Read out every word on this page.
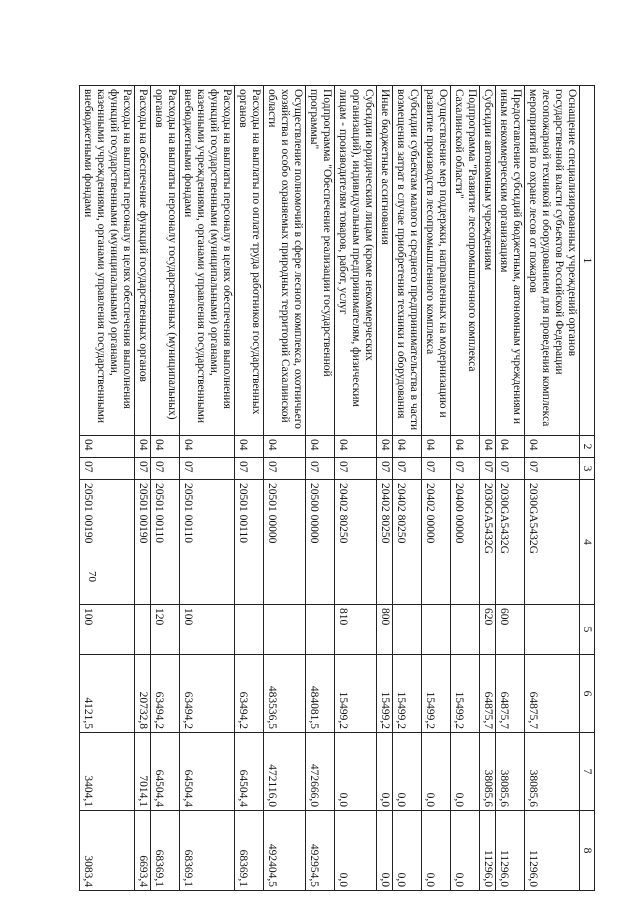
70
1	2	3	4	5	6	7	8
Оснащение специализированных учреждений органов государственной власти субъектов Российской Федерации лесопожарной техникой и оборудованием для проведения комплекса мероприятий по охране лесов от пожаров	04	07	2030GA5432G		64875,7	38085,6	11296,0
Предоставление субсидий бюджетным, автономным учреждениям и иным некоммерческим организациям	04	07	2030GA5432G	600	64875,7	38085,6	11296,0
Субсидии автономным учреждениям	04	07	2030GA5432G	620	64875,7	38085,6	11296,0
Подпрограмма "Развитие лесопромышленного комплекса Сахалинской области"	04	07	20400 00000		15499,2	0,0	0,0
Осуществление мер поддержки, направленных на модернизацию и развитие производств лесопромышленного комплекса	04	07	20402 00000		15499,2	0,0	0,0
Субсидии субъектам малого и среднего предпринимательства в части возмещения затрат в случае приобретения техники и оборудования	04	07	20402 80250		15499,2	0,0	0,0
Иные бюджетные ассигнования	04	07	20402 80250	800	15499,2	0,0	0,0
Субсидии юридическим лицам (кроме некоммерческих организаций), индивидуальным предпринимателям, физическим лицам - производителям товаров, работ, услуг	04	07	20402 80250	810	15499,2	0,0	0,0
Подпрограмма "Обеспечение реализации государственной программы"	04	07	20500 00000		484081,5	472666,0	492954,5
Осуществление полномочий в сфере лесного комплекса, охотничьего хозяйства и особо охраняемых природных территорий Сахалинской области	04	07	20501 00000		483536,5	472116,0	492404,5
Расходы на выплаты по оплате труда работников государственных органов	04	07	20501 00110		63494,2	64504,4	68369,1
Расходы на выплаты персоналу в целях обеспечения выполнения функций государственными (муниципальными) органами, казенными учреждениями, органами управления государственными внебюджетными фондами	04	07	20501 00110	100	63494,2	64504,4	68369,1
Расходы на выплаты персоналу государственных (муниципальных) органов	04	07	20501 00110	120	63494,2	64504,4	68369,1
Расходы на обеспечение функций государственных органов	04	07	20501 00190		20732,8	7014,1	6693,4
Расходы на выплаты персоналу в целях обеспечения выполнения функций государственными (муниципальными) органами, казенными учреждениями, органами управления государственными внебюджетными фондами	04	07	20501 00190	100	4121,5	3404,1	3083,4
